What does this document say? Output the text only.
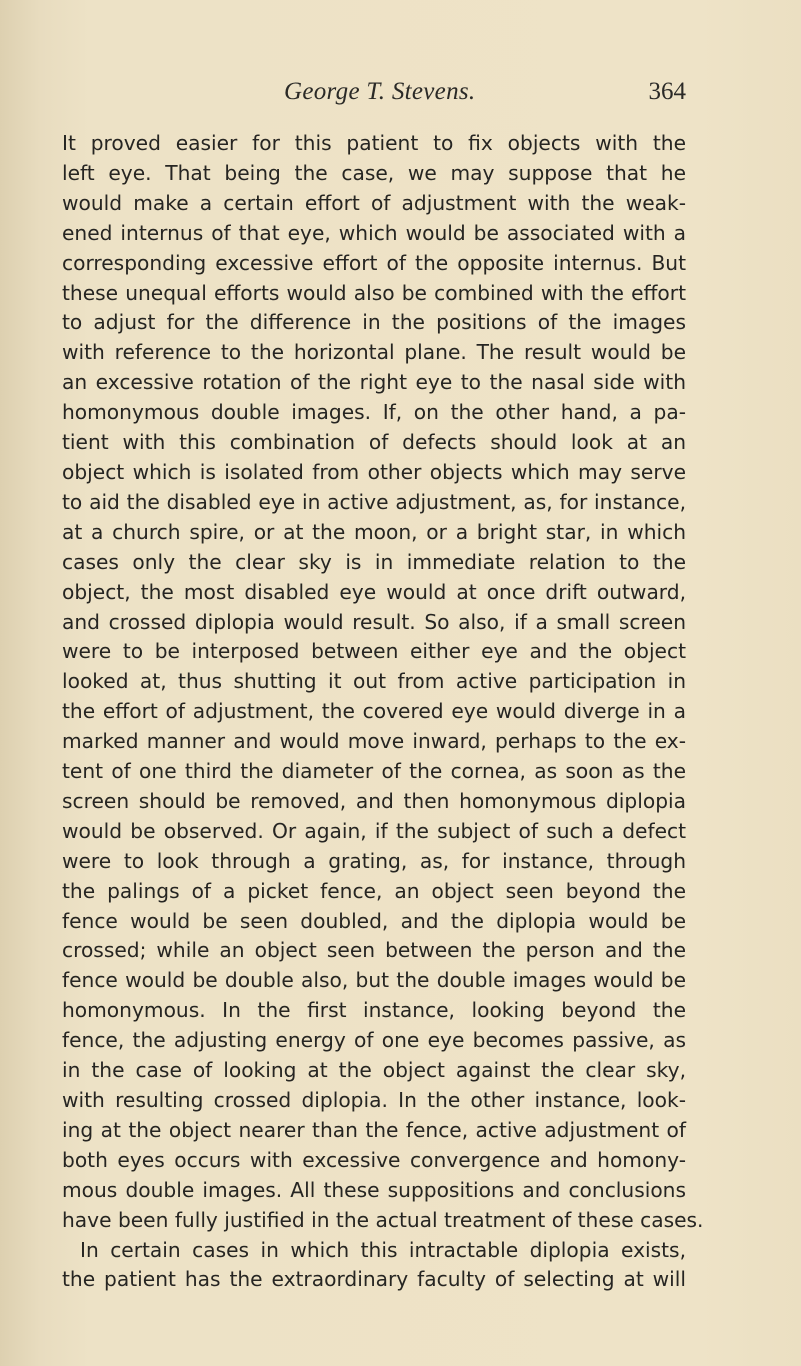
George T. Stevens.	364
It proved easier for this patient to fix objects with the
left eye. That being the case, we may suppose that he
would make a certain effort of adjustment with the weak-
ened internus of that eye, which would be associated with a
corresponding excessive effort of the opposite internus. But
these unequal efforts would also be combined with the effort
to adjust for the difference in the positions of the images
with reference to the horizontal plane. The result would be
an excessive rotation of the right eye to the nasal side with
homonymous double images. If, on the other hand, a pa-
tient with this combination of defects should look at an
object which is isolated from other objects which may serve
to aid the disabled eye in active adjustment, as, for instance,
at a church spire, or at the moon, or a bright star, in which
cases only the clear sky is in immediate relation to the
object, the most disabled eye would at once drift outward,
and crossed diplopia would result. So also, if a small screen
were to be interposed between either eye and the object
looked at, thus shutting it out from active participation in
the effort of adjustment, the covered eye would diverge in a
marked manner and would move inward, perhaps to the ex-
tent of one third the diameter of the cornea, as soon as the
screen should be removed, and then homonymous diplopia
would be observed. Or again, if the subject of such a defect
were to look through a grating, as, for instance, through
the palings of a picket fence, an object seen beyond the
fence would be seen doubled, and the diplopia would be
crossed; while an object seen between the person and the
fence would be double also, but the double images would be
homonymous. In the first instance, looking beyond the
fence, the adjusting energy of one eye becomes passive, as
in the case of looking at the object against the clear sky,
with resulting crossed diplopia. In the other instance, look-
ing at the object nearer than the fence, active adjustment of
both eyes occurs with excessive convergence and homony-
mous double images. All these suppositions and conclusions
have been fully justified in the actual treatment of these cases.
In certain cases in which this intractable diplopia exists,
the patient has the extraordinary faculty of selecting at will
